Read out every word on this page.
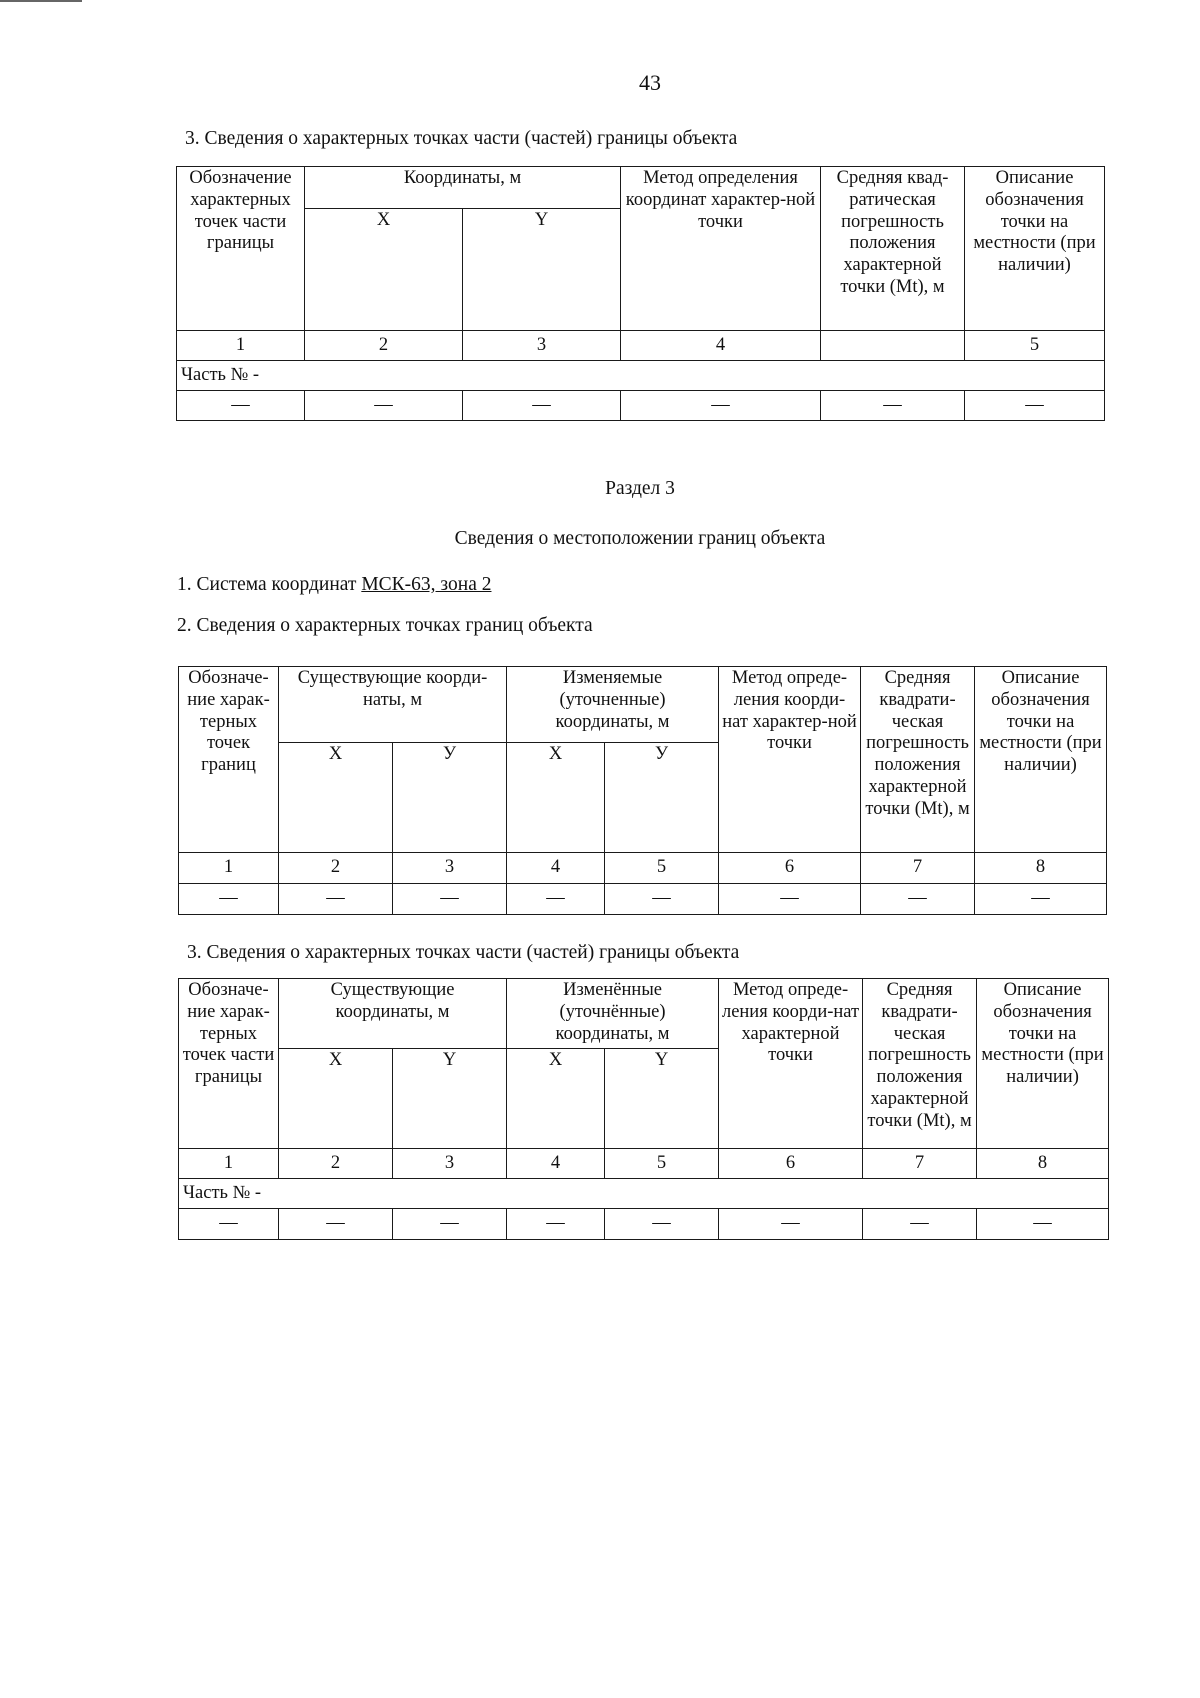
43
3. Сведения о характерных точках части (частей) границы объекта
Обозначение характерных точек части границы	Координаты, м		Метод определения координат характер-ной точки	Средняя квад-ратическая погрешность положения характерной точки (Mt), м	Описание обозначения точки на местности (при наличии)
	X	Y			
1	2	3	4		5
Часть № -					
—	—	—	—	—	—
Раздел 3
Сведения о местоположении границ объекта
1. Система координат МСК-63, зона 2
2. Сведения о характерных точках границ объекта
Обозначе-ние харак-терных точек границ	Существующие коорди-наты, м		Изменяемые (уточненные) координаты, м		Метод опреде-ления коорди-нат характер-ной точки	Средняя квадрати-ческая погрешность положения характерной точки (Mt), м	Описание обозначения точки на местности (при наличии)
	X	У	X	У			
1	2	3	4	5	6	7	8
—	—	—	—	—	—	—	—
3. Сведения о характерных точках части (частей) границы объекта
Обозначе-ние харак-терных точек части границы	Существующие координаты, м		Изменённые (уточнённые) координаты, м		Метод опреде-ления коорди-нат характерной точки	Средняя квадрати-ческая погрешность положения характерной точки (Mt), м	Описание обозначения точки на местности (при наличии)
	X	Y	X	Y			
1	2	3	4	5	6	7	8
Часть № -							
—	—	—	—	—	—	—	—
